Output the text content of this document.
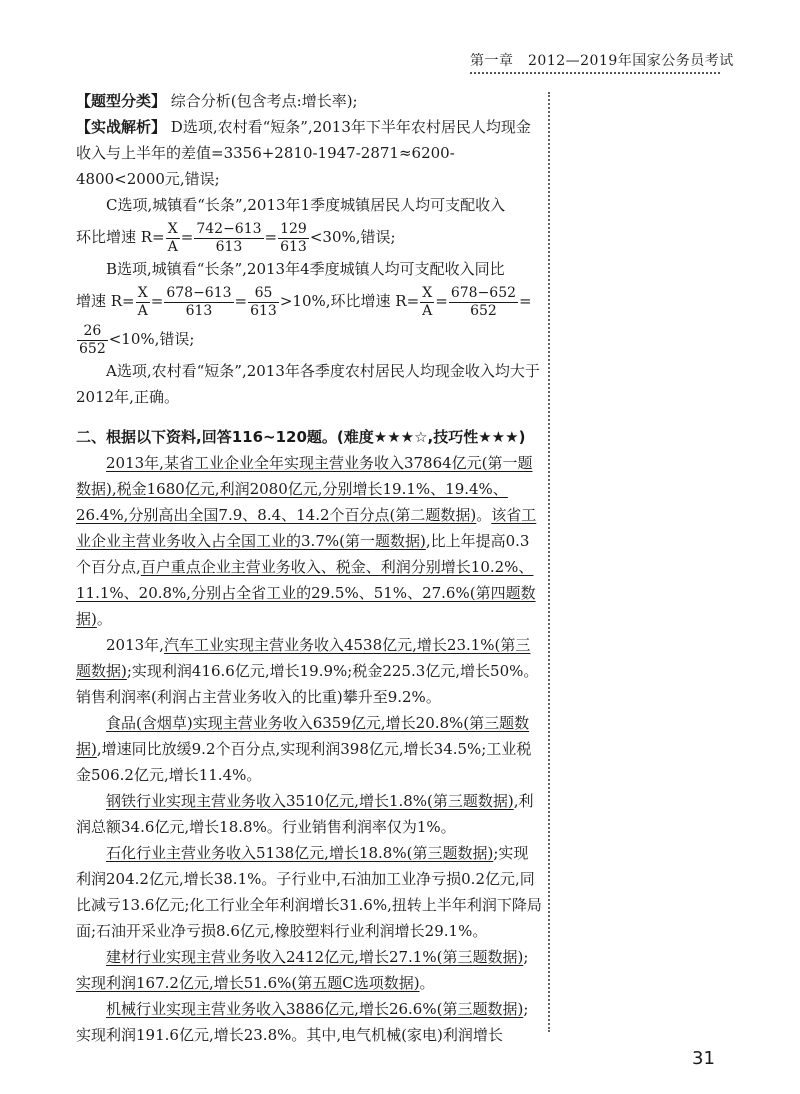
第一章　2012—2019年国家公务员考试

【题型分类】 综合分析(包含考点:增长率);

【实战解析】 D选项,农村看“短条”,2013年下半年农村居民人均现金收入与上半年的差值=3356+2810-1947-2871≈6200-4800<2000元,错误;

C选项,城镇看“长条”,2013年1季度城镇居民人均可支配收入

环比增速 $R= \frac{X}{A} = \frac{742-613}{613} = \frac{129}{613} <30\%$,错误;

B选项,城镇看“长条”,2013年4季度城镇人均可支配收入同比

增速 $R= \frac{X}{A} = \frac{678-613}{613} = \frac{65}{613} >10\%$,环比增速 $R= \frac{X}{A} = \frac{678-652}{652}$ =

$\frac{26}{652} <10\%$,错误;

A选项,农村看“短条”,2013年各季度农村居民人均现金收入均大于2012年,正确。

二、根据以下资料,回答116~120题。(难度★★★☆,技巧性★★★)

2013年,某省工业企业全年实现主营业务收入37864亿元(第一题数据),税金1680亿元,利润2080亿元,分别增长19.1%、19.4%、26.4%,分别高出全国7.9、8.4、14.2个百分点(第二题数据)。该省工业企业主营业务收入占全国工业的3.7%(第一题数据),比上年提高0.3个百分点,百户重点企业主营业务收入、税金、利润分别增长10.2%、11.1%、20.8%,分别占全省工业的29.5%、51%、27.6%(第四题数据)。

2013年,汽车工业实现主营业务收入4538亿元,增长23.1%(第三题数据);实现利润416.6亿元,增长19.9%;税金225.3亿元,增长50%。销售利润率(利润占主营业务收入的比重)攀升至9.2%。

食品(含烟草)实现主营业务收入6359亿元,增长20.8%(第三题数据),增速同比放缓9.2个百分点,实现利润398亿元,增长34.5%;工业税金506.2亿元,增长11.4%。

钢铁行业实现主营业务收入3510亿元,增长1.8%(第三题数据),利润总额34.6亿元,增长18.8%。行业销售利润率仅为1%。

石化行业主营业务收入5138亿元,增长18.8%(第三题数据);实现利润204.2亿元,增长38.1%。子行业中,石油加工业净亏损0.2亿元,同比减亏13.6亿元;化工行业全年利润增长31.6%,扭转上半年利润下降局面;石油开采业净亏损8.6亿元,橡胶塑料行业利润增长29.1%。

建材行业实现主营业务收入2412亿元,增长27.1%(第三题数据);实现利润167.2亿元,增长51.6%(第五题C选项数据)。

机械行业实现主营业务收入3886亿元,增长26.6%(第三题数据);实现利润191.6亿元,增长23.8%。其中,电气机械(家电)利润增长

31
